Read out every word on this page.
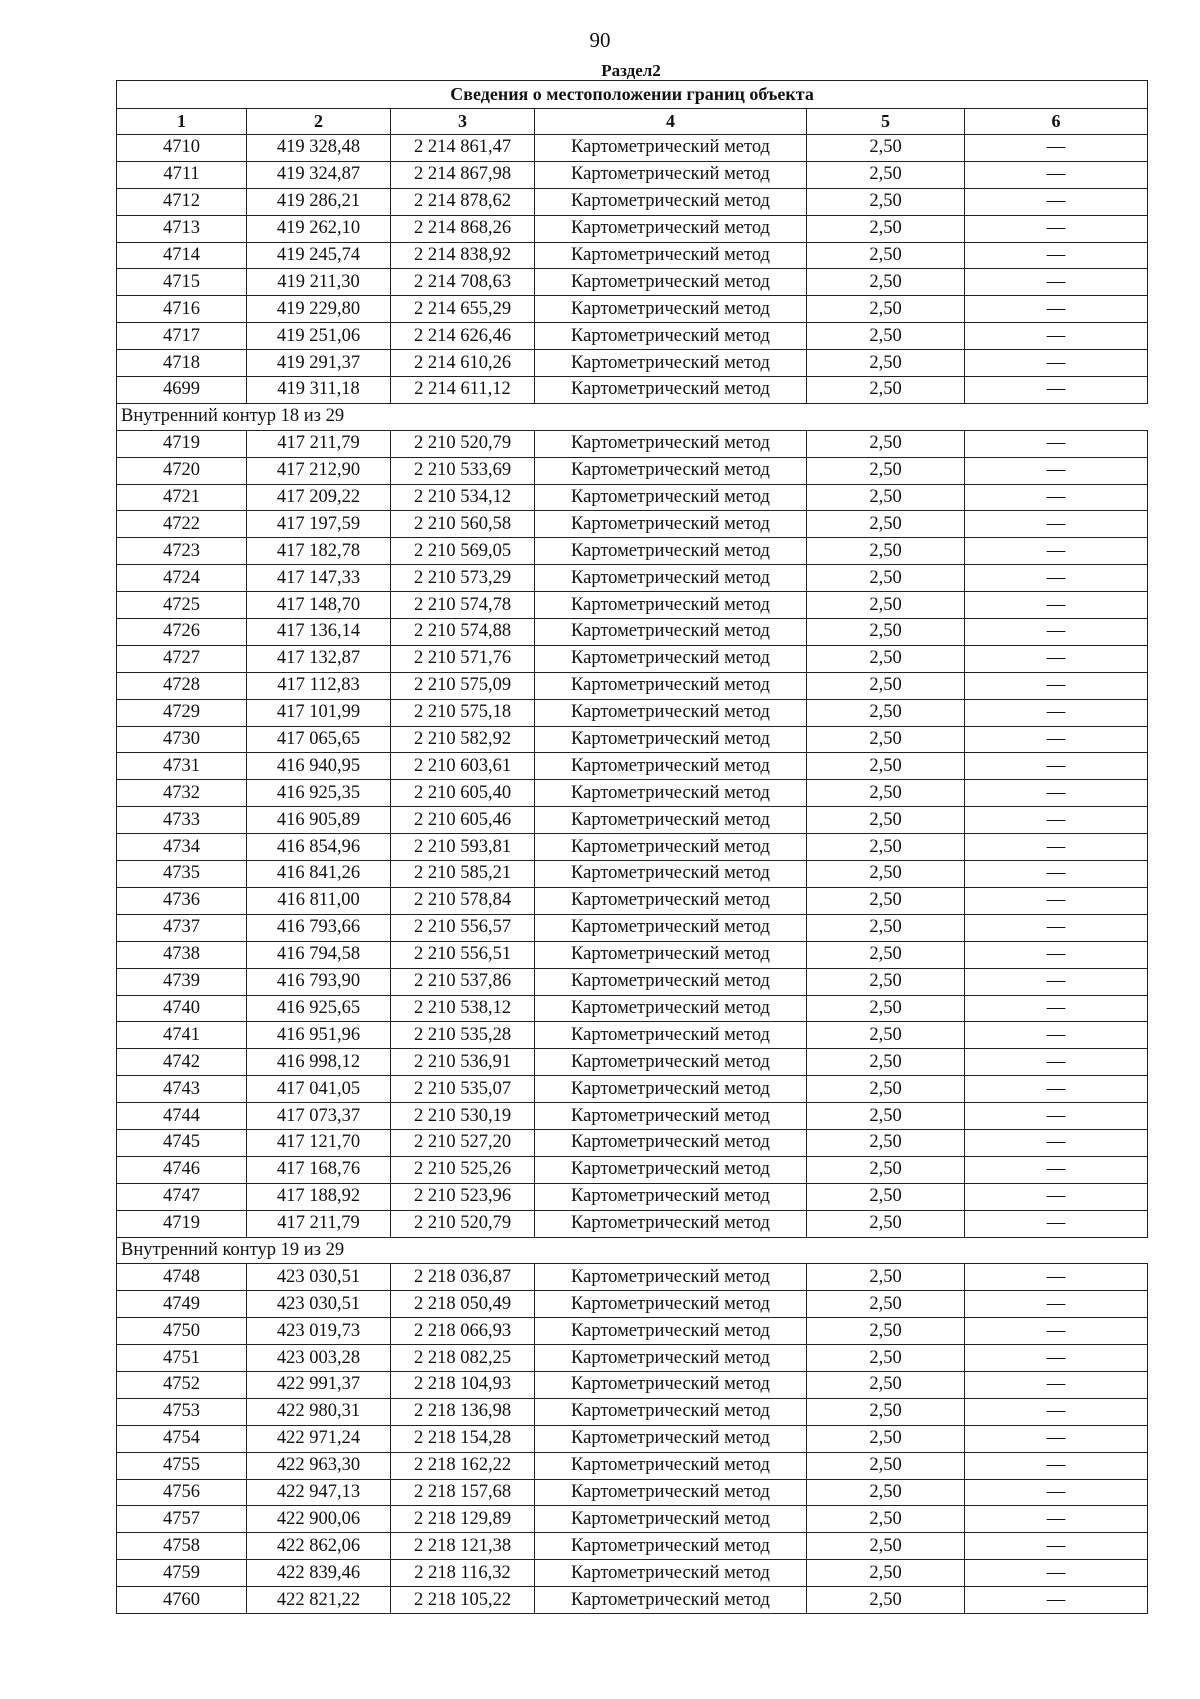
90
Раздел2
Сведения о местоположении границ объекта					
1	2	3	4	5	6
4710	419 328,48	2 214 861,47	Картометрический метод	2,50	—
4711	419 324,87	2 214 867,98	Картометрический метод	2,50	—
4712	419 286,21	2 214 878,62	Картометрический метод	2,50	—
4713	419 262,10	2 214 868,26	Картометрический метод	2,50	—
4714	419 245,74	2 214 838,92	Картометрический метод	2,50	—
4715	419 211,30	2 214 708,63	Картометрический метод	2,50	—
4716	419 229,80	2 214 655,29	Картометрический метод	2,50	—
4717	419 251,06	2 214 626,46	Картометрический метод	2,50	—
4718	419 291,37	2 214 610,26	Картометрический метод	2,50	—
4699	419 311,18	2 214 611,12	Картометрический метод	2,50	—
Внутренний контур 18 из 29					
4719	417 211,79	2 210 520,79	Картометрический метод	2,50	—
4720	417 212,90	2 210 533,69	Картометрический метод	2,50	—
4721	417 209,22	2 210 534,12	Картометрический метод	2,50	—
4722	417 197,59	2 210 560,58	Картометрический метод	2,50	—
4723	417 182,78	2 210 569,05	Картометрический метод	2,50	—
4724	417 147,33	2 210 573,29	Картометрический метод	2,50	—
4725	417 148,70	2 210 574,78	Картометрический метод	2,50	—
4726	417 136,14	2 210 574,88	Картометрический метод	2,50	—
4727	417 132,87	2 210 571,76	Картометрический метод	2,50	—
4728	417 112,83	2 210 575,09	Картометрический метод	2,50	—
4729	417 101,99	2 210 575,18	Картометрический метод	2,50	—
4730	417 065,65	2 210 582,92	Картометрический метод	2,50	—
4731	416 940,95	2 210 603,61	Картометрический метод	2,50	—
4732	416 925,35	2 210 605,40	Картометрический метод	2,50	—
4733	416 905,89	2 210 605,46	Картометрический метод	2,50	—
4734	416 854,96	2 210 593,81	Картометрический метод	2,50	—
4735	416 841,26	2 210 585,21	Картометрический метод	2,50	—
4736	416 811,00	2 210 578,84	Картометрический метод	2,50	—
4737	416 793,66	2 210 556,57	Картометрический метод	2,50	—
4738	416 794,58	2 210 556,51	Картометрический метод	2,50	—
4739	416 793,90	2 210 537,86	Картометрический метод	2,50	—
4740	416 925,65	2 210 538,12	Картометрический метод	2,50	—
4741	416 951,96	2 210 535,28	Картометрический метод	2,50	—
4742	416 998,12	2 210 536,91	Картометрический метод	2,50	—
4743	417 041,05	2 210 535,07	Картометрический метод	2,50	—
4744	417 073,37	2 210 530,19	Картометрический метод	2,50	—
4745	417 121,70	2 210 527,20	Картометрический метод	2,50	—
4746	417 168,76	2 210 525,26	Картометрический метод	2,50	—
4747	417 188,92	2 210 523,96	Картометрический метод	2,50	—
4719	417 211,79	2 210 520,79	Картометрический метод	2,50	—
Внутренний контур 19 из 29					
4748	423 030,51	2 218 036,87	Картометрический метод	2,50	—
4749	423 030,51	2 218 050,49	Картометрический метод	2,50	—
4750	423 019,73	2 218 066,93	Картометрический метод	2,50	—
4751	423 003,28	2 218 082,25	Картометрический метод	2,50	—
4752	422 991,37	2 218 104,93	Картометрический метод	2,50	—
4753	422 980,31	2 218 136,98	Картометрический метод	2,50	—
4754	422 971,24	2 218 154,28	Картометрический метод	2,50	—
4755	422 963,30	2 218 162,22	Картометрический метод	2,50	—
4756	422 947,13	2 218 157,68	Картометрический метод	2,50	—
4757	422 900,06	2 218 129,89	Картометрический метод	2,50	—
4758	422 862,06	2 218 121,38	Картометрический метод	2,50	—
4759	422 839,46	2 218 116,32	Картометрический метод	2,50	—
4760	422 821,22	2 218 105,22	Картометрический метод	2,50	—
